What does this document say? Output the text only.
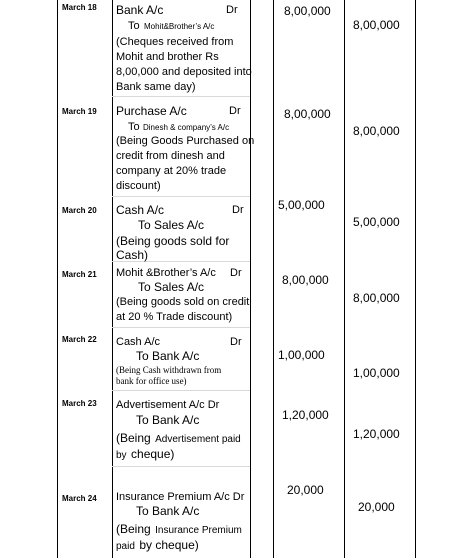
March 18 Bank A/c	Dr
To Mohit&Brother’s A/c
(Cheques received from
Mohit and brother Rs
8,00,000 and deposited into
Bank same day)
8,00,000
8,00,000
March 19 Purchase A/c	Dr
To Dinesh & company’s A/c
(Being Goods Purchased on
credit from dinesh and
company at 20% trade
discount)
8,00,000
8,00,000
March 20 Cash A/c	Dr
To Sales A/c
(Being goods sold for
Cash)
5,00,000
5,00,000
March 21 Mohit &Brother’s A/c Dr
To Sales A/c
(Being goods sold on credit
at 20 % Trade discount)
8,00,000
8,00,000
March 22 Cash A/c	Dr
To Bank A/c
(Being Cash withdrawn from
bank for office use)
1,00,000
1,00,000
March 23 Advertisement A/c Dr
To Bank A/c
(Being Advertisement paid
by cheque)
1,20,000
1,20,000
March 24 Insurance Premium A/c Dr
To Bank A/c
(Being Insurance Premium
paid by cheque)
20,000
20,000
